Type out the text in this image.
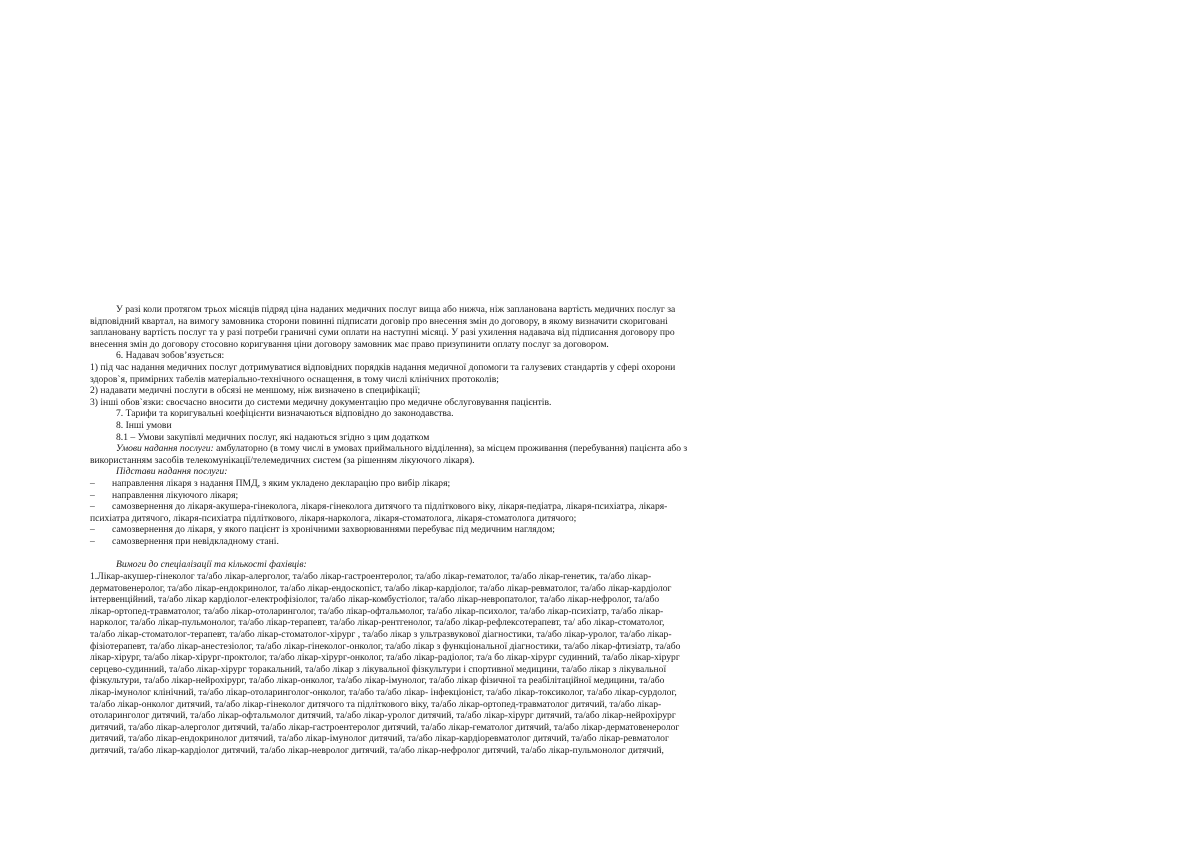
У разі коли протягом трьох місяців підряд ціна наданих медичних послуг вища або нижча, ніж запланована вартість медичних послуг за
відповідний квартал, на вимогу замовника сторони повинні підписати договір про внесення змін до договору, в якому визначити скориговані
заплановану вартість послуг та у разі потреби граничні суми оплати на наступні місяці. У разі ухилення надавача від підписання договору про
внесення змін до договору стосовно коригування ціни договору замовник має право призупинити оплату послуг за договором.
6. Надавач зобов’язується:
1) під час надання медичних послуг дотримуватися відповідних порядків надання медичної допомоги та галузевих стандартів у сфері охорони
здоров`я, примірних табелів матеріально-технічного оснащення, в тому числі клінічних протоколів;
2) надавати медичні послуги в обсязі не меншому, ніж визначено в специфікації;
3) інші обов`язки: своєчасно вносити до системи медичну документацію про медичне обслуговування пацієнтів.
7. Тарифи та коригувальні коефіцієнти визначаються відповідно до законодавства.
8. Інші умови
8.1 – Умови закупівлі медичних послуг, які надаються згідно з цим додатком
Умови надання послуги: амбулаторно (в тому числі в умовах приймального відділення), за місцем проживання (перебування) пацієнта або з
використанням засобів телекомунікації/телемедичних систем (за рішенням лікуючого лікаря).
Підстави надання послуги:
– направлення лікаря з надання ПМД, з яким укладено декларацію про вибір лікаря;
– направлення лікуючого лікаря;
– самозвернення до лікаря-акушера-гінеколога, лікаря-гінеколога дитячого та підліткового віку, лікаря-педіатра, лікаря-психіатра, лікаря-
психіатра дитячого, лікаря-психіатра підліткового, лікаря-нарколога, лікаря-стоматолога, лікаря-стоматолога дитячого;
– самозвернення до лікаря, у якого пацієнт із хронічними захворюваннями перебуває під медичним наглядом;
– самозвернення при невідкладному стані.
Вимоги до спеціалізації та кількості фахівців:
1.Лікар-акушер-гінеколог та/або лікар-алерголог, та/або лікар-гастроентеролог, та/або лікар-гематолог, та/або лікар-генетик, та/або лікар-
дерматовенеролог, та/або лікар-ендокринолог, та/або лікар-ендоскопіст, та/або лікар-кардіолог, та/або лікар-ревматолог, та/або лікар-кардіолог
інтервенційний, та/або лікар кардіолог-електрофізіолог, та/або лікар-комбустіолог, та/або лікар-невропатолог, та/або лікар-нефролог, та/або
лікар-ортопед-травматолог, та/або лікар-отоларинголог, та/або лікар-офтальмолог, та/або лікар-психолог, та/або лікар-психіатр, та/або лікар-
нарколог, та/або лікар-пульмонолог, та/або лікар-терапевт, та/або лікар-рентгенолог, та/або лікар-рефлексотерапевт, та/ або лікар-стоматолог,
та/або лікар-стоматолог-терапевт, та/або лікар-стоматолог-хірург , та/або лікар з ультразвукової діагностики, та/або лікар-уролог, та/або лікар-
фізіотерапевт, та/або лікар-анестезіолог, та/або лікар-гінеколог-онколог, та/або лікар з функціональної діагностики, та/або лікар-фтизіатр, та/або
лікар-хірург, та/або лікар-хірург-проктолог, та/або лікар-хірург-онколог, та/або лікар-радіолог, та/а бо лікар-хірург судинний, та/або лікар-хірург
серцево-судинний, та/або лікар-хірург торакальний, та/або лікар з лікувальної фізкультури і спортивної медицини, та/або лікар з лікувальної
фізкультури, та/або лікар-нейрохірург, та/або лікар-онколог, та/або лікар-імунолог, та/або лікар фізичної та реабілітаційної медицини, та/або
лікар-імунолог клінічний, та/або лікар-отоларинголог-онколог, та/або та/або лікар- інфекціоніст, та/або лікар-токсиколог, та/або лікар-сурдолог,
та/або лікар-онколог дитячий, та/або лікар-гінеколог дитячого та підліткового віку, та/або лікар-ортопед-травматолог дитячий, та/або лікар-
отоларинголог дитячий, та/або лікар-офтальмолог дитячий, та/або лікар-уролог дитячий, та/або лікар-хірург дитячий, та/або лікар-нейрохірург
дитячий, та/або лікар-алерголог дитячий, та/або лікар-гастроентеролог дитячий, та/або лікар-гематолог дитячий, та/або лікар-дерматовенеролог
дитячий, та/або лікар-ендокринолог дитячий, та/або лікар-імунолог дитячий, та/або лікар-кардіоревматолог дитячий, та/або лікар-ревматолог
дитячий, та/або лікар-кардіолог дитячий, та/або лікар-невролог дитячий, та/або лікар-нефролог дитячий, та/або лікар-пульмонолог дитячий,
